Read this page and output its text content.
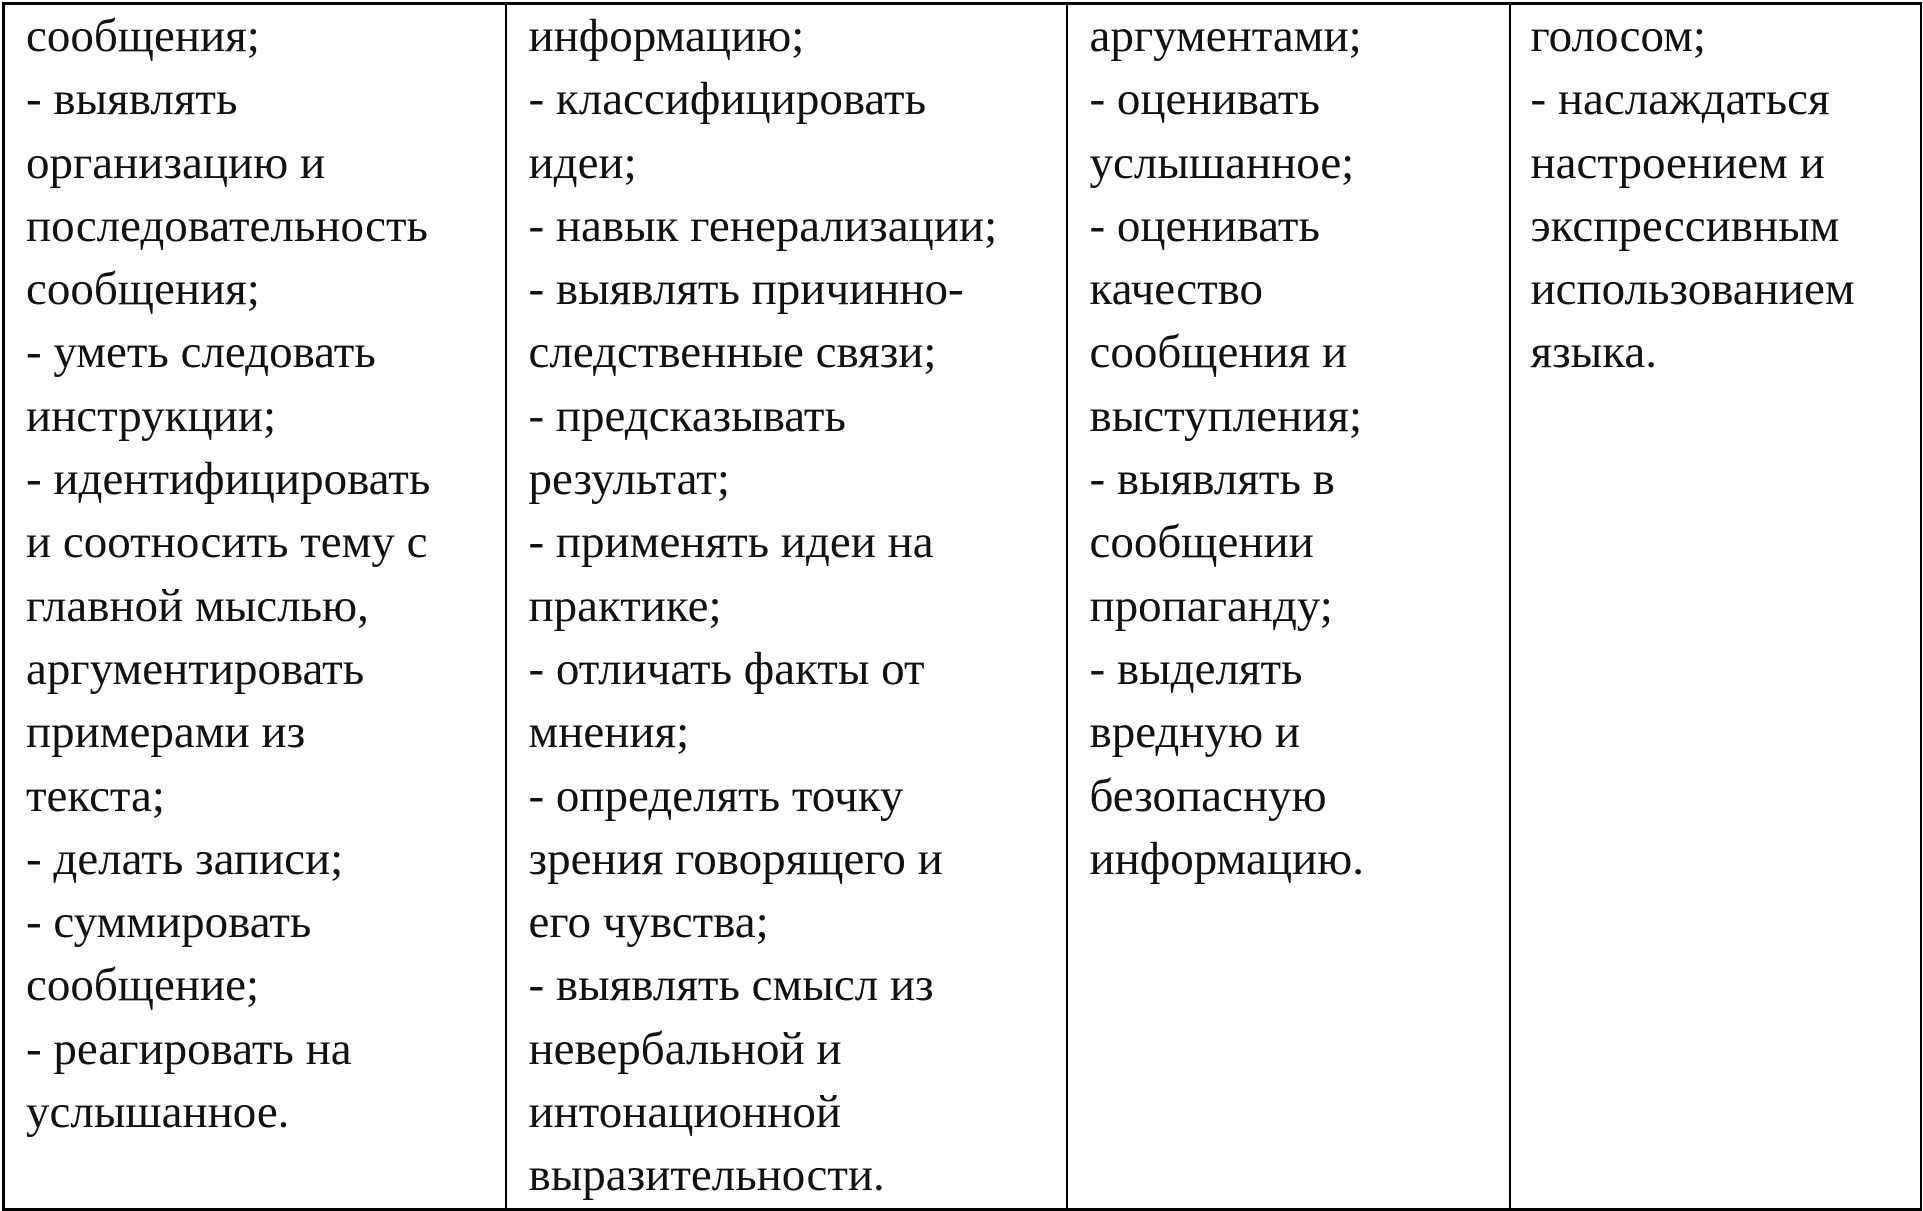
сообщения;
- выявлять
организацию и
последовательность
сообщения;
- уметь следовать
инструкции;
- идентифицировать
и соотносить тему с
главной мыслью,
аргументировать
примерами из
текста;
- делать записи;
- суммировать
сообщение;
- реагировать на
услышанное.

информацию;
- классифицировать
идеи;
- навык генерализации;
- выявлять причинно-
следственные связи;
- предсказывать
результат;
- применять идеи на
практике;
- отличать факты от
мнения;
- определять точку
зрения говорящего и
его чувства;
- выявлять смысл из
невербальной и
интонационной
выразительности.

аргументами;
- оценивать
услышанное;
- оценивать
качество
сообщения и
выступления;
- выявлять в
сообщении
пропаганду;
- выделять
вредную и
безопасную
информацию.

голосом;
- наслаждаться
настроением и
экспрессивным
использованием
языка.
